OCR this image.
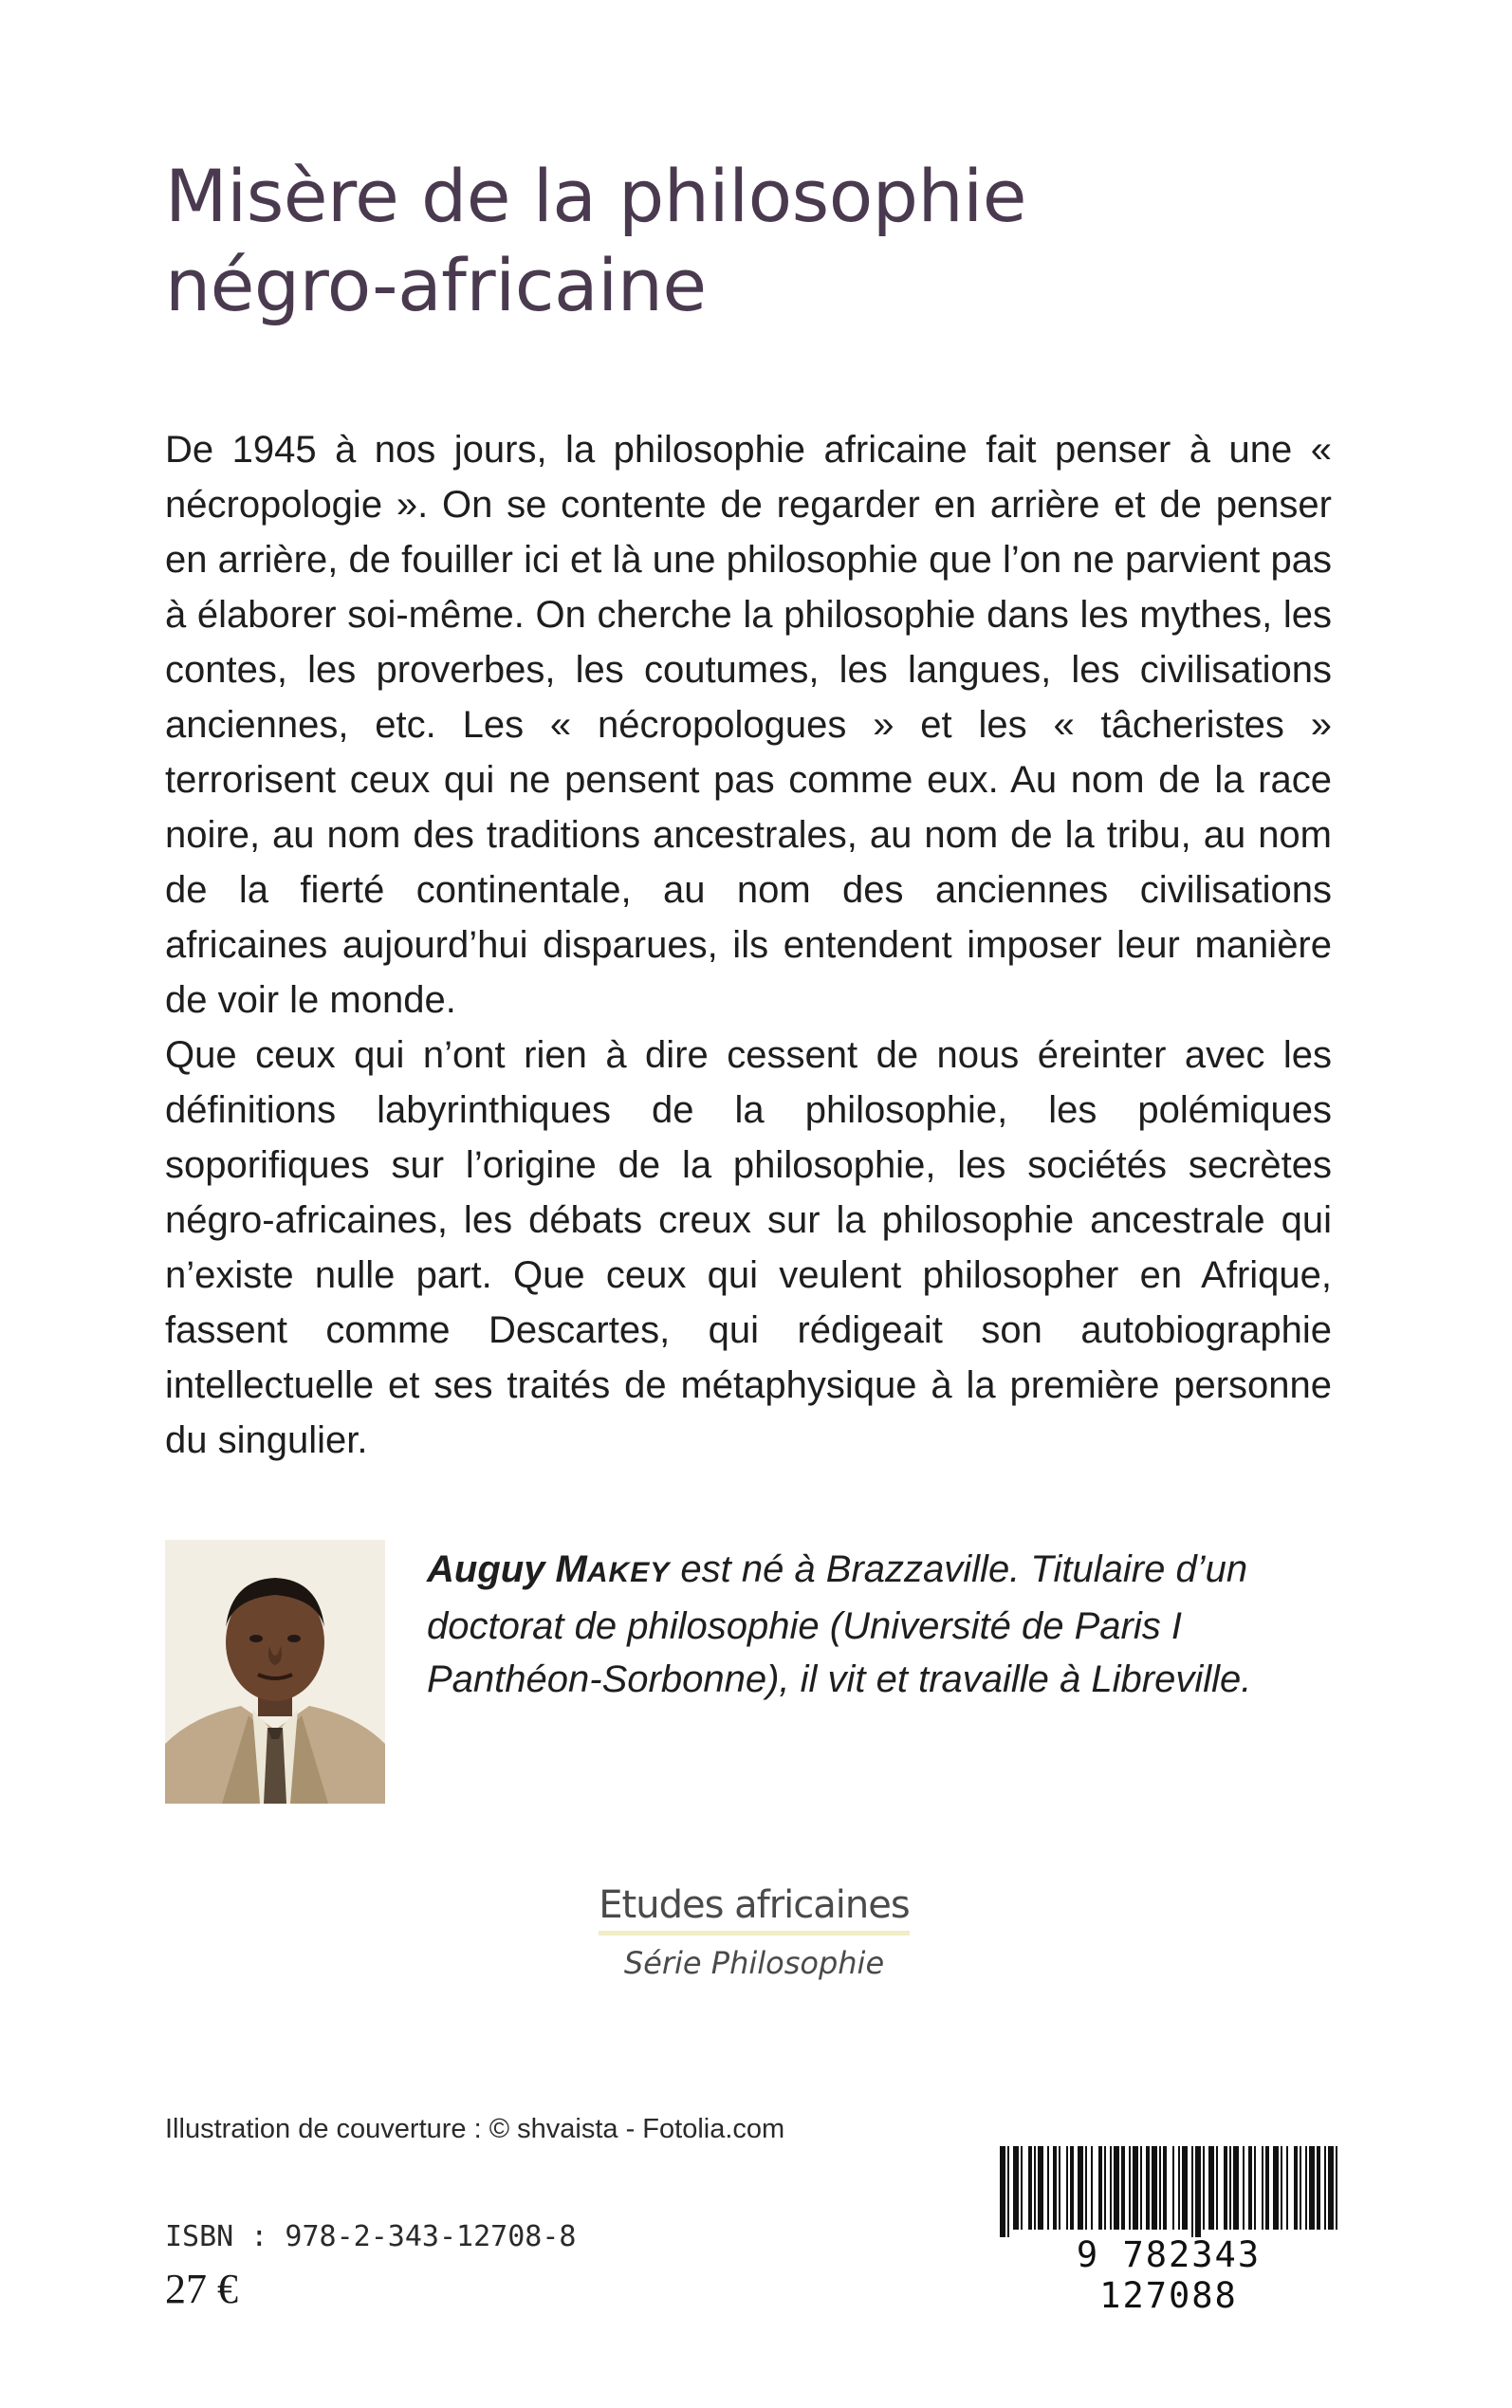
Misère de la philosophie
négro-africaine

De 1945 à nos jours, la philosophie africaine fait penser à une « nécropologie ». On se contente de regarder en arrière et de penser en arrière, de fouiller ici et là une philosophie que l’on ne parvient pas à élaborer soi-même. On cherche la philosophie dans les mythes, les contes, les proverbes, les coutumes, les langues, les civilisations anciennes, etc. Les « nécropologues » et les « tâcheristes » terrorisent ceux qui ne pensent pas comme eux. Au nom de la race noire, au nom des traditions ancestrales, au nom de la tribu, au nom de la fierté continentale, au nom des anciennes civilisations africaines aujourd’hui disparues, ils entendent imposer leur manière de voir le monde.

Que ceux qui n’ont rien à dire cessent de nous éreinter avec les définitions labyrinthiques de la philosophie, les polémiques soporifiques sur l’origine de la philosophie, les sociétés secrètes négro-africaines, les débats creux sur la philosophie ancestrale qui n’existe nulle part. Que ceux qui veulent philosopher en Afrique, fassent comme Descartes, qui rédigeait son autobiographie intellectuelle et ses traités de métaphysique à la première personne du singulier.

Auguy MAKEY est né à Brazzaville. Titulaire d’un doctorat de philosophie (Université de Paris I Panthéon-Sorbonne), il vit et travaille à Libreville.
Etudes africaines
Série Philosophie
Illustration de couverture : © shvaista - Fotolia.com
ISBN : 978-2-343-12708-8
27 €
9 782343 127088
